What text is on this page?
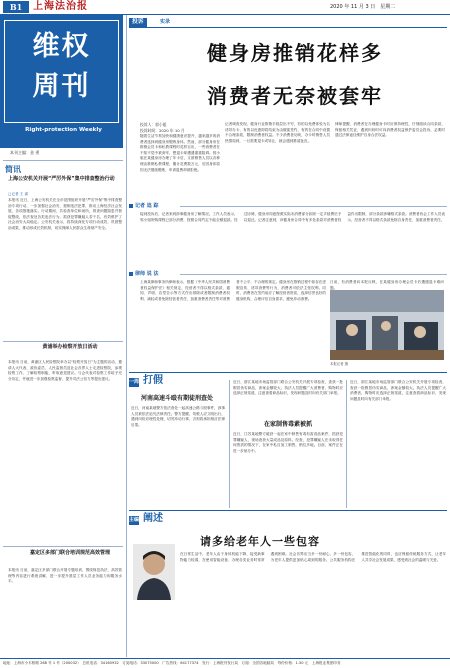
B1	上海法治报	2020 年 11 月 3 日　星期二
维权
周刊
Right-protection Weekly
本刊主编：金 勇
简讯
上海公安机关开展“严厉外保”集中排查整治行动
□记者 王 睿
本报讯 近日，上海公安机关在全市范围组织开展“严厉外保”集中排查整治专项行动，一步加强社会治安，遏制违法犯罪，推动上海经济社会发展，各项措施落实。行动期间，共检查单位和场所，排查问题隐患并督促整改，依法查处各类违法行为，抓获犯罪嫌疑人若干名，有效维护了社会治安大局稳定。公安机关表示，将持续深化专项行动成效，巩固整治成果，推动形成长效机制，切实保障人民群众生命财产安全。
黄浦举办检察开放日活动
本报讯 日前，黄浦区人民检察院举办以“检察开放日”为主题的活动，邀请人大代表、政协委员、人民监督员及社会各界人士走进检察院，参观检察工作，了解检察职能，听取意见建议。与会代表对检察工作给予充分肯定，并就进一步加强检察监督、提升司法公信力等提出建议。
嘉定区多部门联合培训规范高效管理
本报讯 日前，嘉定区多部门联合开展专题培训，围绕规范执法、高效管理等内容进行系统讲解，进一步提升基层工作人员业务能力和服务水平。
投诉	实录
健身房推销花样多
消费者无奈被套牢
投诉人：郭小姐
投诉时间：2020 年 10 月
随着生活节奏加快和健康意识提升，越来越多的消费者选择到健身房锻炼身体。然而，部分健身房在推销会员卡和私教课程时花样百出，一些消费者在不知不觉中被套牢，想退卡却遭遇重重阻碍。郭小姐在某健身房办理了年卡后，又被销售人员以各种理由推销私教课程，累计花费数万元，后因身体原因无法继续锻炼，申请退费却被拒绝。
记者调查发现，健身行业推销手段层出不穷，有的以免费体验为名诱导办卡，有的以优惠即将结束为由催促签约，有的在合同中设置不合理条款，限制消费者权益。不少消费者反映，办卡时销售人员热情周到，一旦需要退卡或转让，就会遇到推诿扯皮。
律师提醒，消费者在办理健身卡时应保持理性，仔细阅读合同条款，保留相关凭证，遇到纠纷时可向消费者权益保护委员会投诉，必要时通过法律途径维护自身合法权益。
记者 追 踪
接到投诉后，记者来到涉事健身房了解情况。工作人员表示，郭小姐所购课程已部分消费，按照合同约定不能全额退款。经过协调，健身房同意按照实际未消费部分扣除一定手续费后予以退还。记者注意到，该健身房合同中有多处条款对消费者权益作出限制，部分条款涉嫌格式条款。消费者协会工作人员表示，经营者不得以格式条款免除自身责任、加重消费者责任。
律师 说 法
上海某律师事务所律师表示，根据《中华人民共和国消费者权益保护法》相关规定，经营者不得以格式条款、通知、声明、店堂告示等方式作出排除或者限制消费者权利、减轻或者免除经营者责任、加重消费者责任等对消费者不公平、不合理的规定。健身房在推销过程中如存在虚假宣传、诱导消费等行为，消费者可依法主张权利。同时，消费者在签约前应了解经营者资质，选择信誉良好的健身机构，合理评估自身需求，避免冲动消费。
日前，有消费者向本报反映，在某健身房办理会员卡后遭遇退卡难问题。
本报记者 摄
一周 打假
河南高速斗殴有期徒刑查处
近日，河南某地警方依法查处一起高速公路斗殴事件，涉事人员被依法追究法律责任。警方提醒，驾驶人应文明出行，遇到纠纷应理性处理，切勿冲动行事，否则将承担相应法律后果。	在家制售毒素被抓
近日，江苏某地警方破获一起在家中制售有毒有害食品案件，抓获犯罪嫌疑人，现场查获大量成品及原料。经查，犯罪嫌疑人在未取得任何资质的情况下，在家中私自加工制售，销往多地。目前，案件正在进一步侦办中。
近日，浙江某地市场监管部门联合公安机关开展专项检查，查获一批假冒伪劣商品，涉案金额较大。执法人员提醒广大消费者，购物时应选择正规渠道，注意查看商品标识，发现问题及时向有关部门举报。
近日，浙江某地市场监管部门联合公安机关开展专项检查，查获一批假冒伪劣商品，涉案金额较大。执法人员提醒广大消费者，购物时应选择正规渠道，注意查看商品标识，发现问题及时向有关部门举报。
主编 阐述
请多给老年人一些包容
在日常生活中，老年人由于身体机能下降、接受新事物能力较弱，在使用智能设备、办理各类业务时常常遇到困难。社会各界应当多一份耐心，多一份包容，为老年人提供更加贴心周到的服务。公共服务机构在推进智能化的同时，也应保留传统服务方式，让老年人共享社会发展成果，感受到社会的温暖与关爱。
地址：上海市小木桥路 268 号 1 号（200032）　总机电话：34160932　订阅电话：33075000　广告热线：64177374　发行：上海报刊发行局　订阅：全国各地邮局　每份价格：1.50 元　上海报业集团印务
